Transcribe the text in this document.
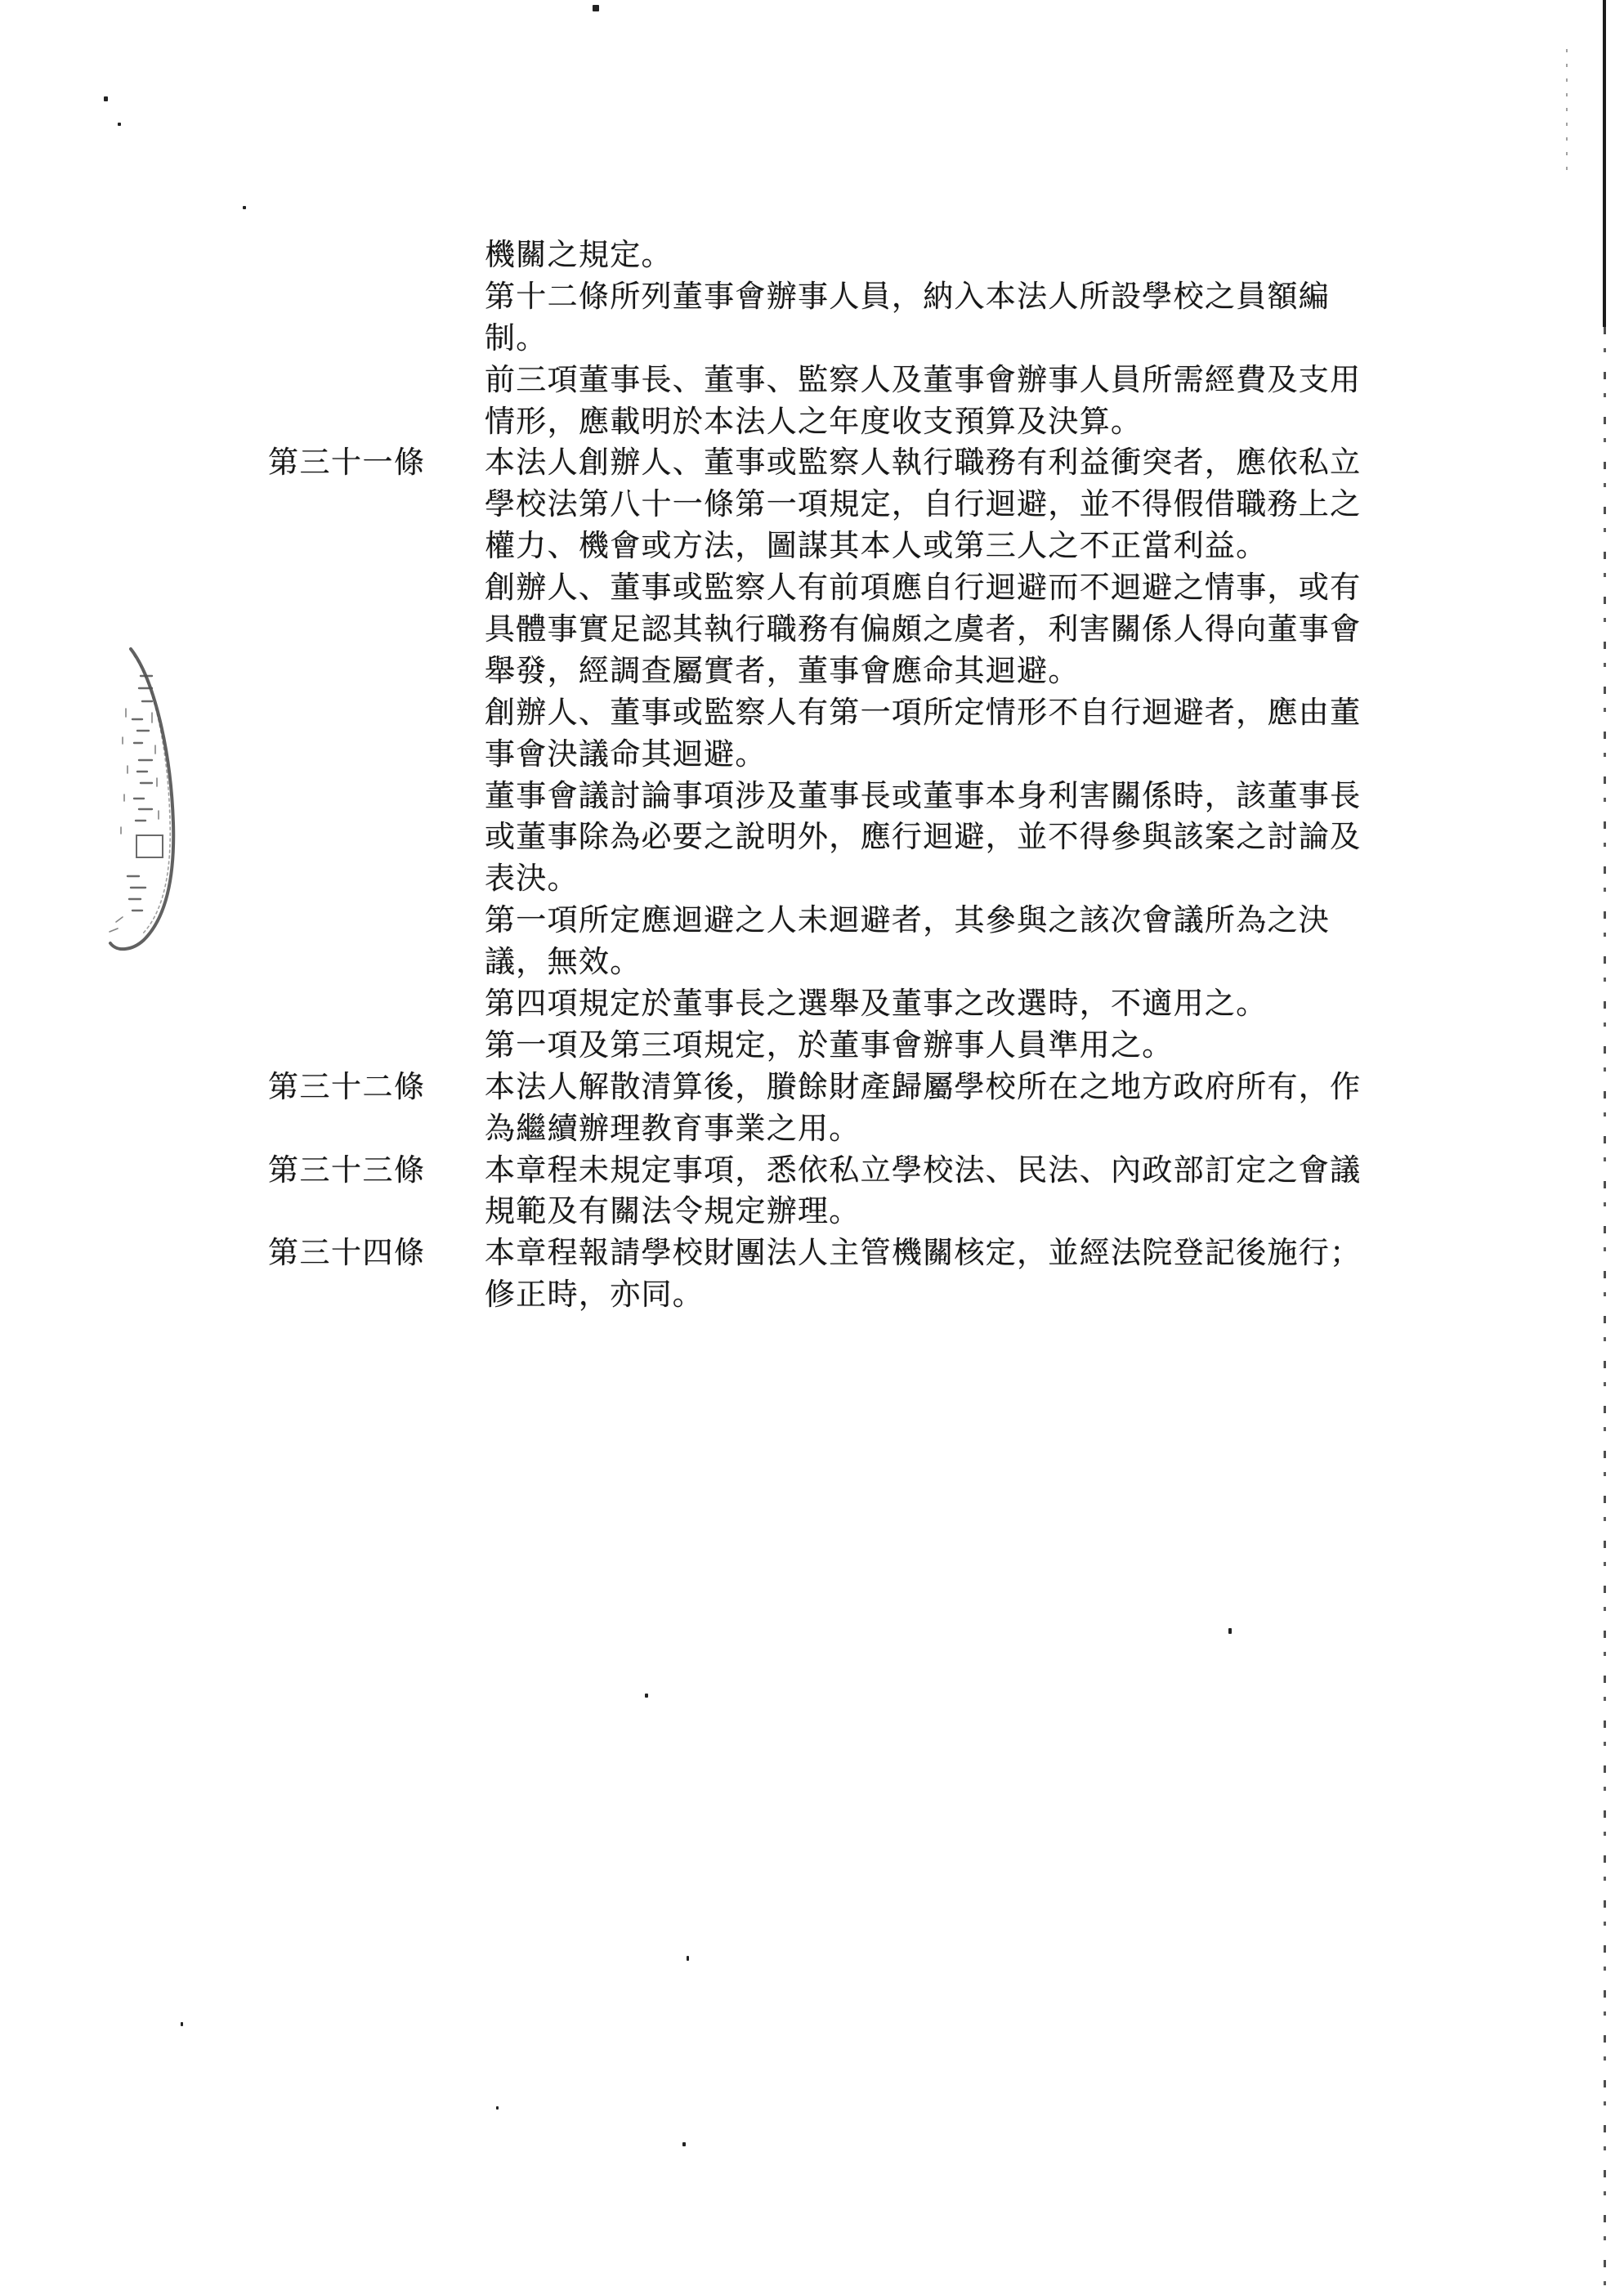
機關之規定。
第十二條所列董事會辦事人員，納入本法人所設學校之員額編
制。
前三項董事長、董事、監察人及董事會辦事人員所需經費及支用
情形，應載明於本法人之年度收支預算及決算。
第三十一條 本法人創辦人、董事或監察人執行職務有利益衝突者，應依私立
學校法第八十一條第一項規定，自行迴避，並不得假借職務上之
權力、機會或方法，圖謀其本人或第三人之不正當利益。
創辦人、董事或監察人有前項應自行迴避而不迴避之情事，或有
具體事實足認其執行職務有偏頗之虞者，利害關係人得向董事會
舉發，經調查屬實者，董事會應命其迴避。
創辦人、董事或監察人有第一項所定情形不自行迴避者，應由董
事會決議命其迴避。
董事會議討論事項涉及董事長或董事本身利害關係時，該董事長
或董事除為必要之說明外，應行迴避，並不得參與該案之討論及
表決。
第一項所定應迴避之人未迴避者，其參與之該次會議所為之決
議，無效。
第四項規定於董事長之選舉及董事之改選時，不適用之。
第一項及第三項規定，於董事會辦事人員準用之。
第三十二條 本法人解散清算後，賸餘財產歸屬學校所在之地方政府所有，作
為繼續辦理教育事業之用。
第三十三條 本章程未規定事項，悉依私立學校法、民法、內政部訂定之會議
規範及有關法令規定辦理。
第三十四條 本章程報請學校財團法人主管機關核定，並經法院登記後施行；
修正時，亦同。
